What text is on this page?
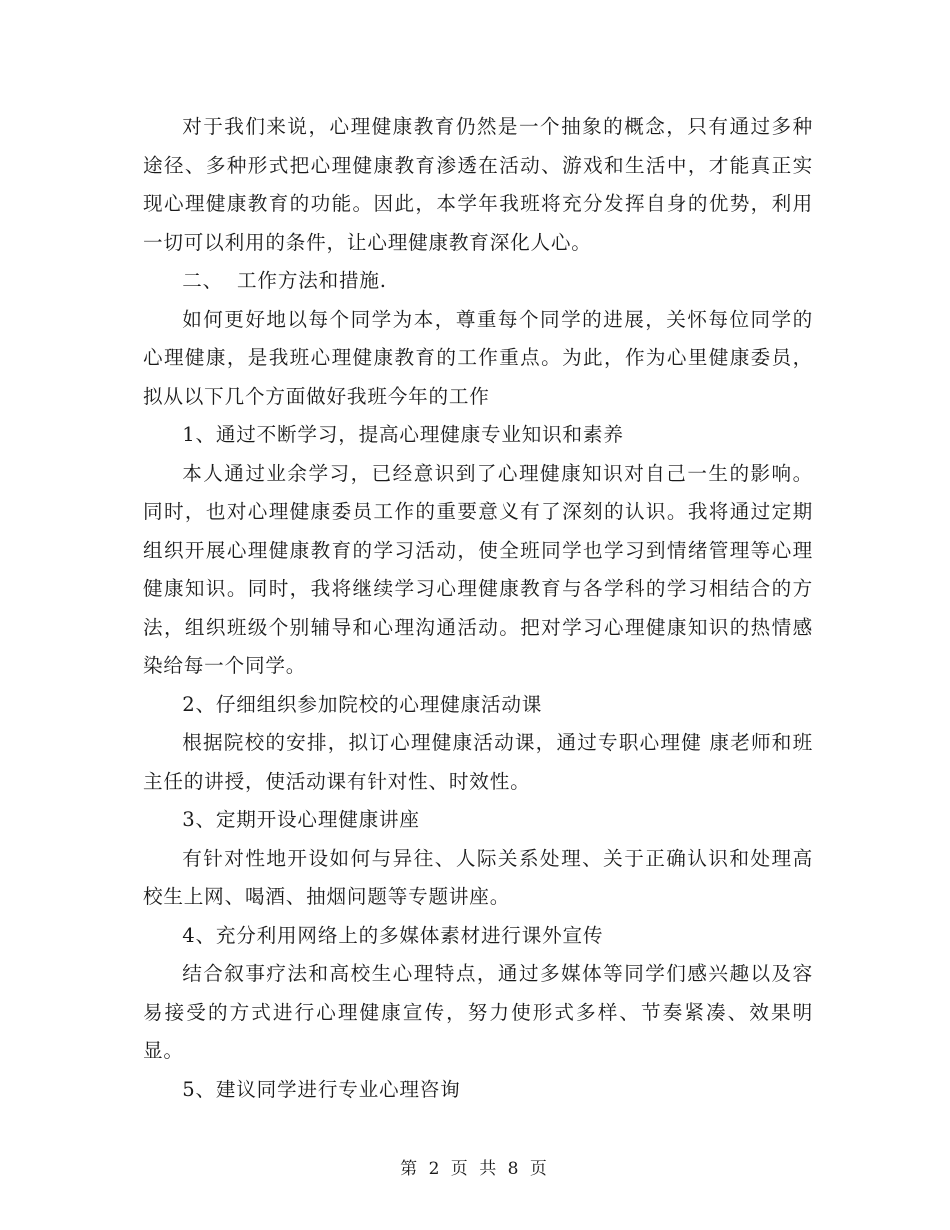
对于我们来说，心理健康教育仍然是一个抽象的概念，只有通过多种途径、多种形式把心理健康教育渗透在活动、游戏和生活中，才能真正实现心理健康教育的功能。因此，本学年我班将充分发挥自身的优势，利用一切可以利用的条件，让心理健康教育深化人心。

二、  工作方法和措施.

如何更好地以每个同学为本，尊重每个同学的进展，关怀每位同学的心理健康，是我班心理健康教育的工作重点。为此，作为心里健康委员，拟从以下几个方面做好我班今年的工作

1、通过不断学习，提高心理健康专业知识和素养

本人通过业余学习，已经意识到了心理健康知识对自己一生的影响。同时，也对心理健康委员工作的重要意义有了深刻的认识。我将通过定期组织开展心理健康教育的学习活动，使全班同学也学习到情绪管理等心理健康知识。同时，我将继续学习心理健康教育与各学科的学习相结合的方法，组织班级个别辅导和心理沟通活动。把对学习心理健康知识的热情感染给每一个同学。

2、仔细组织参加院校的心理健康活动课

根据院校的安排，拟订心理健康活动课，通过专职心理健 康老师和班主任的讲授，使活动课有针对性、时效性。

3、定期开设心理健康讲座

有针对性地开设如何与异往、人际关系处理、关于正确认识和处理高校生上网、喝酒、抽烟问题等专题讲座。

4、充分利用网络上的多媒体素材进行课外宣传

结合叙事疗法和高校生心理特点，通过多媒体等同学们感兴趣以及容易接受的方式进行心理健康宣传，努力使形式多样、节奏紧凑、效果明显。

5、建议同学进行专业心理咨询

第 2 页 共 8 页
